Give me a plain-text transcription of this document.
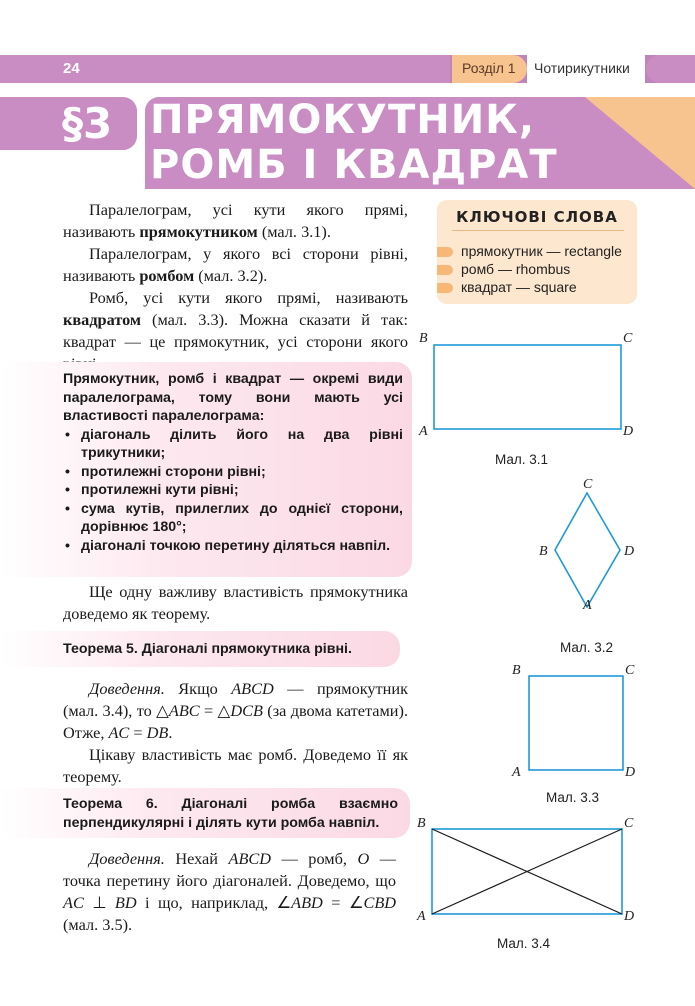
24	Розділ 1 Чотирикутники
§3 ПРЯМОКУТНИК,
РОМБ І КВАДРАТ
Паралелограм, усі кути якого прямі, називають прямокутником (мал. 3.1).
Паралелограм, у якого всі сторони рівні, називають ромбом (мал. 3.2).
Ромб, усі кути якого прямі, називають квадратом (мал. 3.3). Можна сказати й так: квадрат — це прямокутник, усі сторони якого
КЛЮЧОВІ СЛОВА
прямокутник — rectangle
ромб — rhombus
квадрат — square
Прямокутник, ромб і квадрат — окремі види паралелограма, тому вони мають усі властивості паралелограма:
• діагональ ділить його на два рівні трикутники;
• протилежні сторони рівні;
• протилежні кути рівні;
• сума кутів, прилеглих до однієї сторони, дорівнює 180°;
• діагоналі точкою перетину діляться навпіл.
Ще одну важливу властивість прямокутника доведемо як теорему.
Теорема 5. Діагоналі прямокутника рівні.
Доведення. Якщо ABCD — прямокутник (мал. 3.4), то △ABC = △DCB (за двома катетами). Отже, AC = DB.
Цікаву властивість має ромб. Доведемо її як теорему.
Теорема 6. Діагоналі ромба взаємно перпендикулярні і ділять кути ромба навпіл.
Доведення. Нехай ABCD — ромб, O — точка перетину його діагоналей. Доведемо, що AC ⊥ BD і що, наприклад, ∠ABD = ∠CBD (мал. 3.5).
B	C
A	D
Мал. 3.1
C
B	D
A
Мал. 3.2
B	C
A	D
Мал. 3.3
B	C
A	D
Мал. 3.4
